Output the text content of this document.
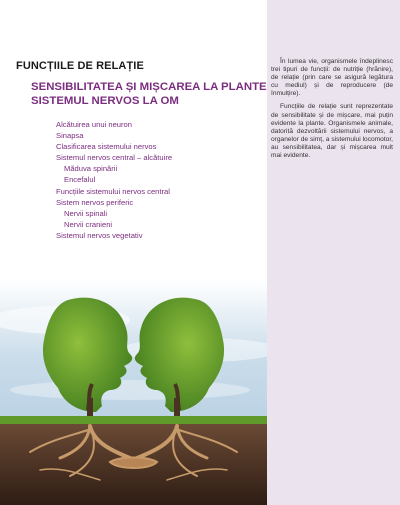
În lumea vie, organismele îndeplinesc trei tipuri de funcții: de nutriție (hrănire), de relație (prin care se asigură legătura cu mediul) și de reproducere (de înmulțire).

Funcțiile de relație sunt reprezentate de sensibilitate și de mișcare, mai puțin evidente la plante. Organismele animale, datorită dezvoltării sistemului nervos, a organelor de simț, a sistemului locomotor, au sensibilitatea, dar și mișcarea mult mai evidente.

FUNCȚIILE DE RELAȚIE
SENSIBILITATEA ȘI MIȘCAREA LA PLANTE
SISTEMUL NERVOS LA OM
Alcătuirea unui neuron
Sinapsa
Clasificarea sistemului nervos
Sistemul nervos central – alcătuire
Măduva spinării
Encefalul
Funcțiile sistemului nervos central
Sistem nervos periferic
Nervii spinali
Nervii cranieni
Sistemul nervos vegetativ
